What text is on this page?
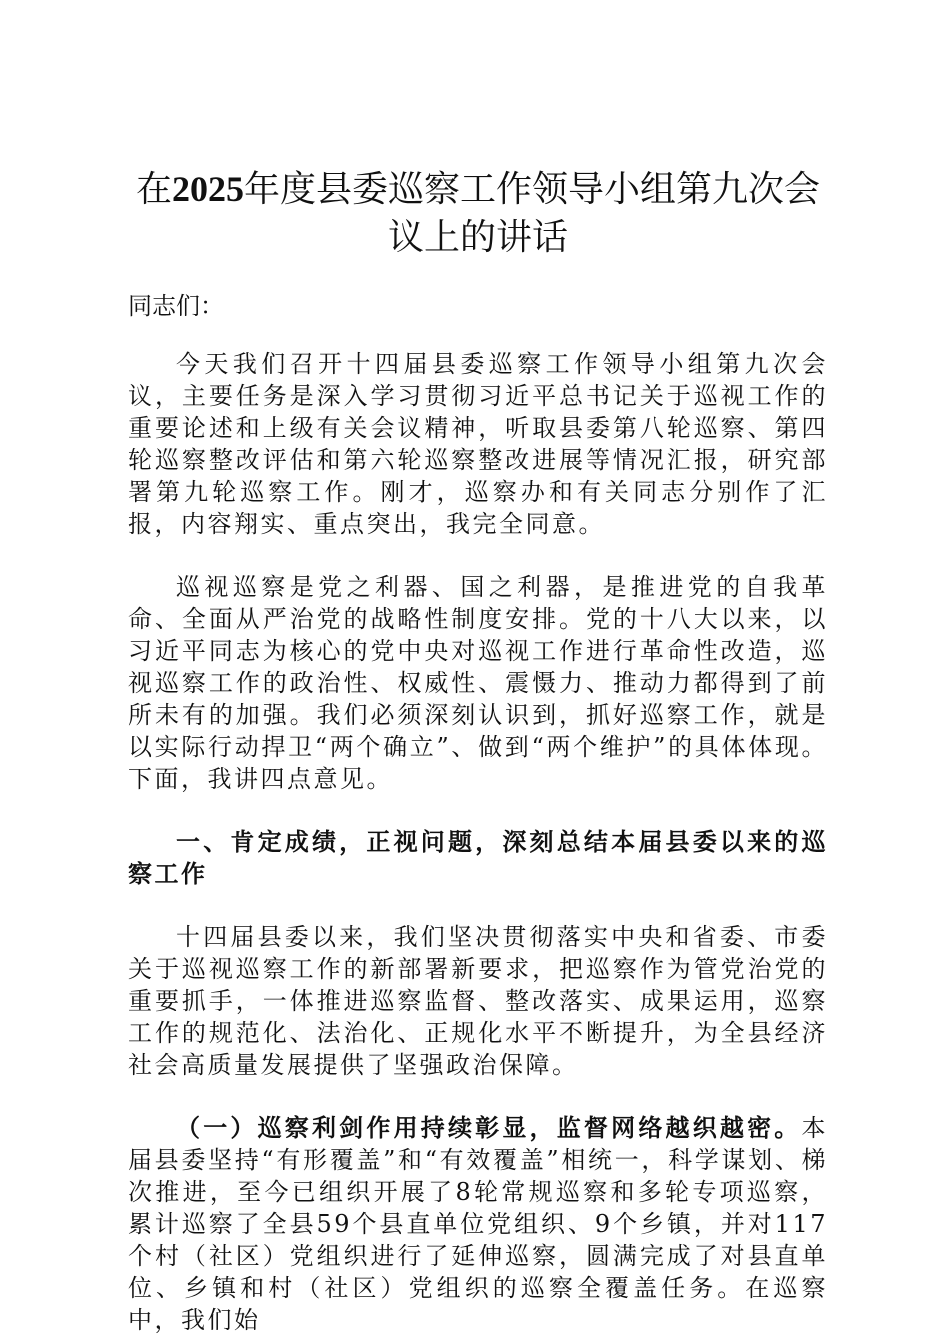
在2025年度县委巡察工作领导小组第九次会
议上的讲话

同志们：

今天我们召开十四届县委巡察工作领导小组第九次会议，主要任务是深入学习贯彻习近平总书记关于巡视工作的重要论述和上级有关会议精神，听取县委第八轮巡察、第四轮巡察整改评估和第六轮巡察整改进展等情况汇报，研究部署第九轮巡察工作。刚才，巡察办和有关同志分别作了汇报，内容翔实、重点突出，我完全同意。

巡视巡察是党之利器、国之利器，是推进党的自我革命、全面从严治党的战略性制度安排。党的十八大以来，以习近平同志为核心的党中央对巡视工作进行革命性改造，巡视巡察工作的政治性、权威性、震慑力、推动力都得到了前所未有的加强。我们必须深刻认识到，抓好巡察工作，就是以实际行动捍卫“两个确立”、做到“两个维护”的具体体现。下面，我讲四点意见。

一、肯定成绩，正视问题，深刻总结本届县委以来的巡察工作

十四届县委以来，我们坚决贯彻落实中央和省委、市委关于巡视巡察工作的新部署新要求，把巡察作为管党治党的重要抓手，一体推进巡察监督、整改落实、成果运用，巡察工作的规范化、法治化、正规化水平不断提升，为全县经济社会高质量发展提供了坚强政治保障。

（一）巡察利剑作用持续彰显，监督网络越织越密。本届县委坚持“有形覆盖”和“有效覆盖”相统一，科学谋划、梯次推进，至今已组织开展了8轮常规巡察和多轮专项巡察，累计巡察了全县59个县直单位党组织、9个乡镇，并对117个村（社区）党组织进行了延伸巡察，圆满完成了对县直单位、乡镇和村（社区）党组织的巡察全覆盖任务。在巡察中，我们始
